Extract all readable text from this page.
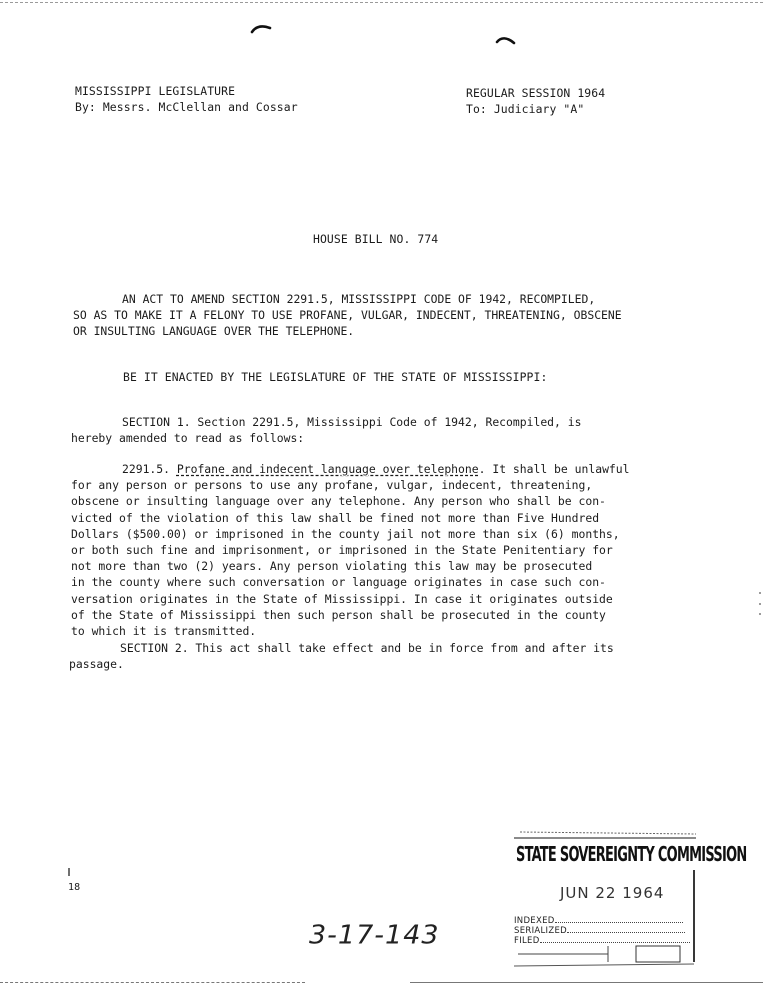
MISSISSIPPI LEGISLATURE
By: Messrs. McClellan and Cossar
REGULAR SESSION 1964
To: Judiciary "A"
HOUSE BILL NO. 774
AN ACT TO AMEND SECTION 2291.5, MISSISSIPPI CODE OF 1942, RECOMPILED,
SO AS TO MAKE IT A FELONY TO USE PROFANE, VULGAR, INDECENT, THREATENING, OBSCENE
OR INSULTING LANGUAGE OVER THE TELEPHONE.
BE IT ENACTED BY THE LEGISLATURE OF THE STATE OF MISSISSIPPI:
SECTION 1. Section 2291.5, Mississippi Code of 1942, Recompiled, is
hereby amended to read as follows:
2291.5. Profane and indecent language over telephone. It shall be unlawful
for any person or persons to use any profane, vulgar, indecent, threatening,
obscene or insulting language over any telephone. Any person who shall be con-
victed of the violation of this law shall be fined not more than Five Hundred
Dollars ($500.00) or imprisoned in the county jail not more than six (6) months,
or both such fine and imprisonment, or imprisoned in the State Penitentiary for
not more than two (2) years. Any person violating this law may be prosecuted
in the county where such conversation or language originates in case such con-
versation originates in the State of Mississippi. In case it originates outside
of the State of Mississippi then such person shall be prosecuted in the county
to which it is transmitted.
SECTION 2. This act shall take effect and be in force from and after its
passage.
18
STATE SOVEREIGNTY COMMISSION
JUN 22 1964
INDEXED
SERIALIZED
FILED
3-17-143
